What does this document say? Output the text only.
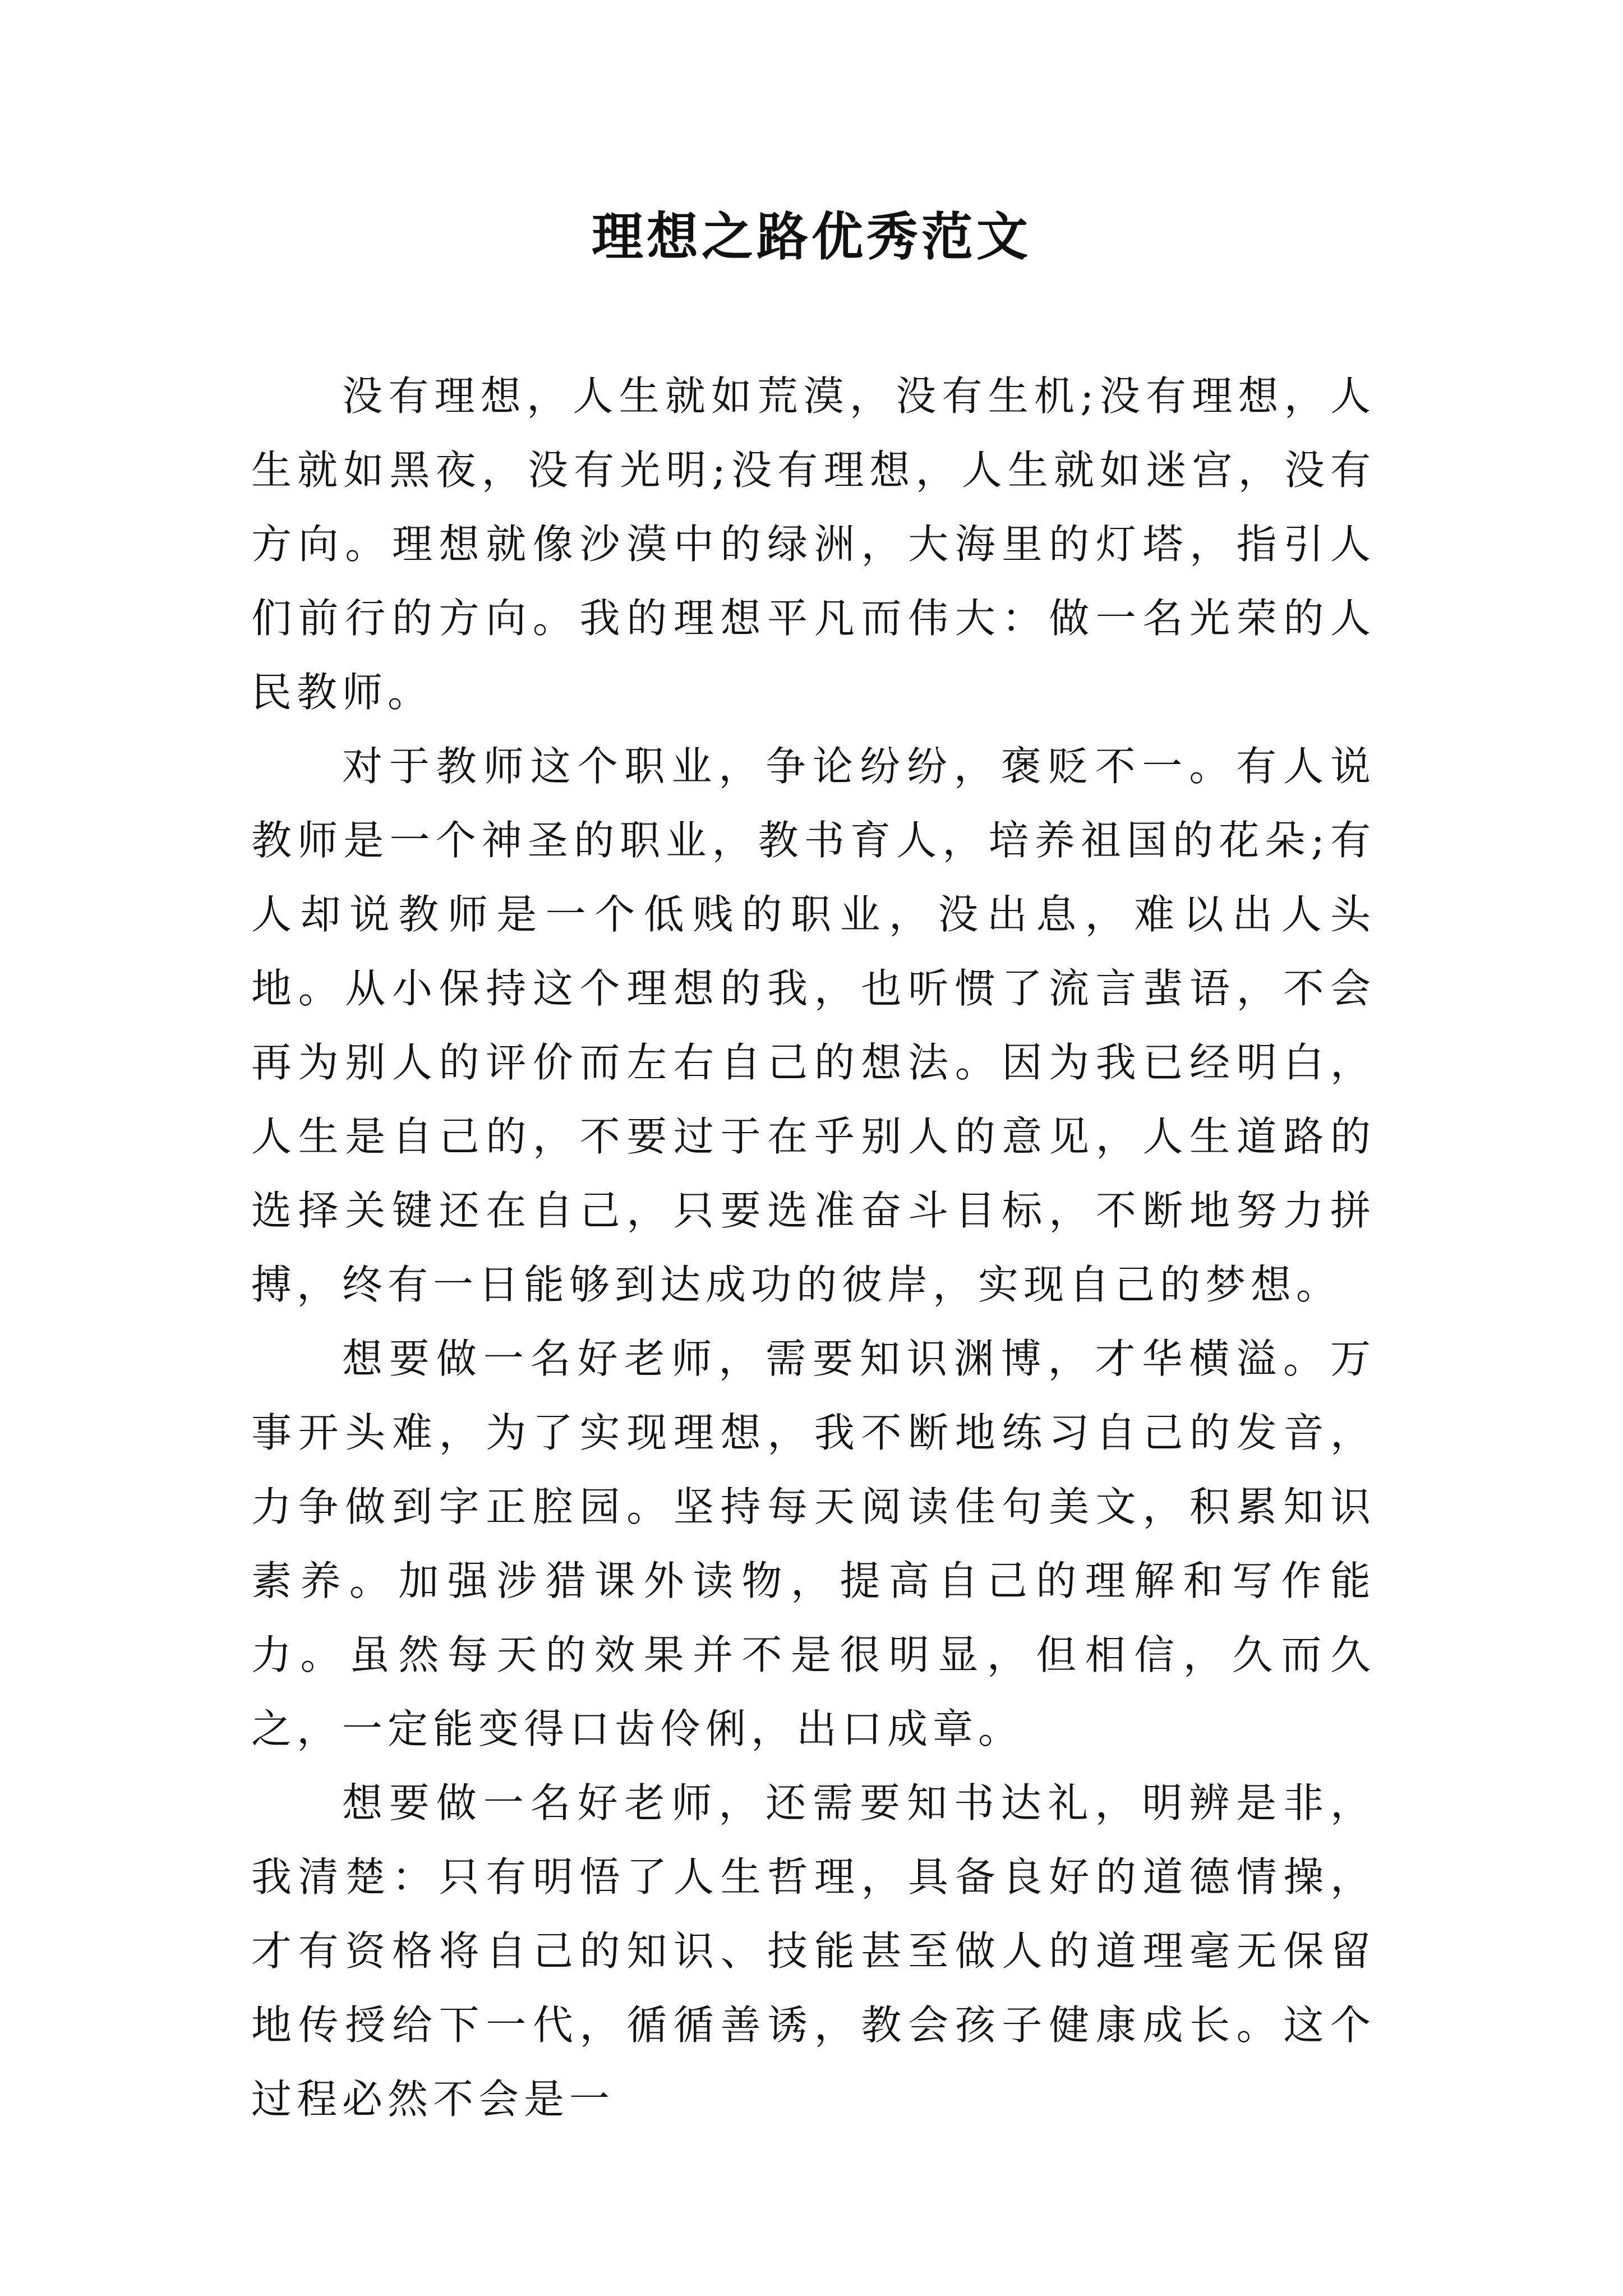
理想之路优秀范文

没有理想，人生就如荒漠，没有生机;没有理想，人生就如黑夜，没有光明;没有理想，人生就如迷宫，没有方向。理想就像沙漠中的绿洲，大海里的灯塔，指引人们前行的方向。我的理想平凡而伟大：做一名光荣的人民教师。

对于教师这个职业，争论纷纷，褒贬不一。有人说教师是一个神圣的职业，教书育人，培养祖国的花朵;有人却说教师是一个低贱的职业，没出息，难以出人头地。从小保持这个理想的我，也听惯了流言蜚语，不会再为别人的评价而左右自己的想法。因为我已经明白，人生是自己的，不要过于在乎别人的意见，人生道路的选择关键还在自己，只要选准奋斗目标，不断地努力拼搏，终有一日能够到达成功的彼岸，实现自己的梦想。

想要做一名好老师，需要知识渊博，才华横溢。万事开头难，为了实现理想，我不断地练习自己的发音，力争做到字正腔园。坚持每天阅读佳句美文，积累知识素养。加强涉猎课外读物，提高自己的理解和写作能力。虽然每天的效果并不是很明显，但相信，久而久之，一定能变得口齿伶俐，出口成章。

想要做一名好老师，还需要知书达礼，明辨是非，我清楚：只有明悟了人生哲理，具备良好的道德情操，才有资格将自己的知识、技能甚至做人的道理毫无保留地传授给下一代，循循善诱，教会孩子健康成长。这个过程必然不会是一
